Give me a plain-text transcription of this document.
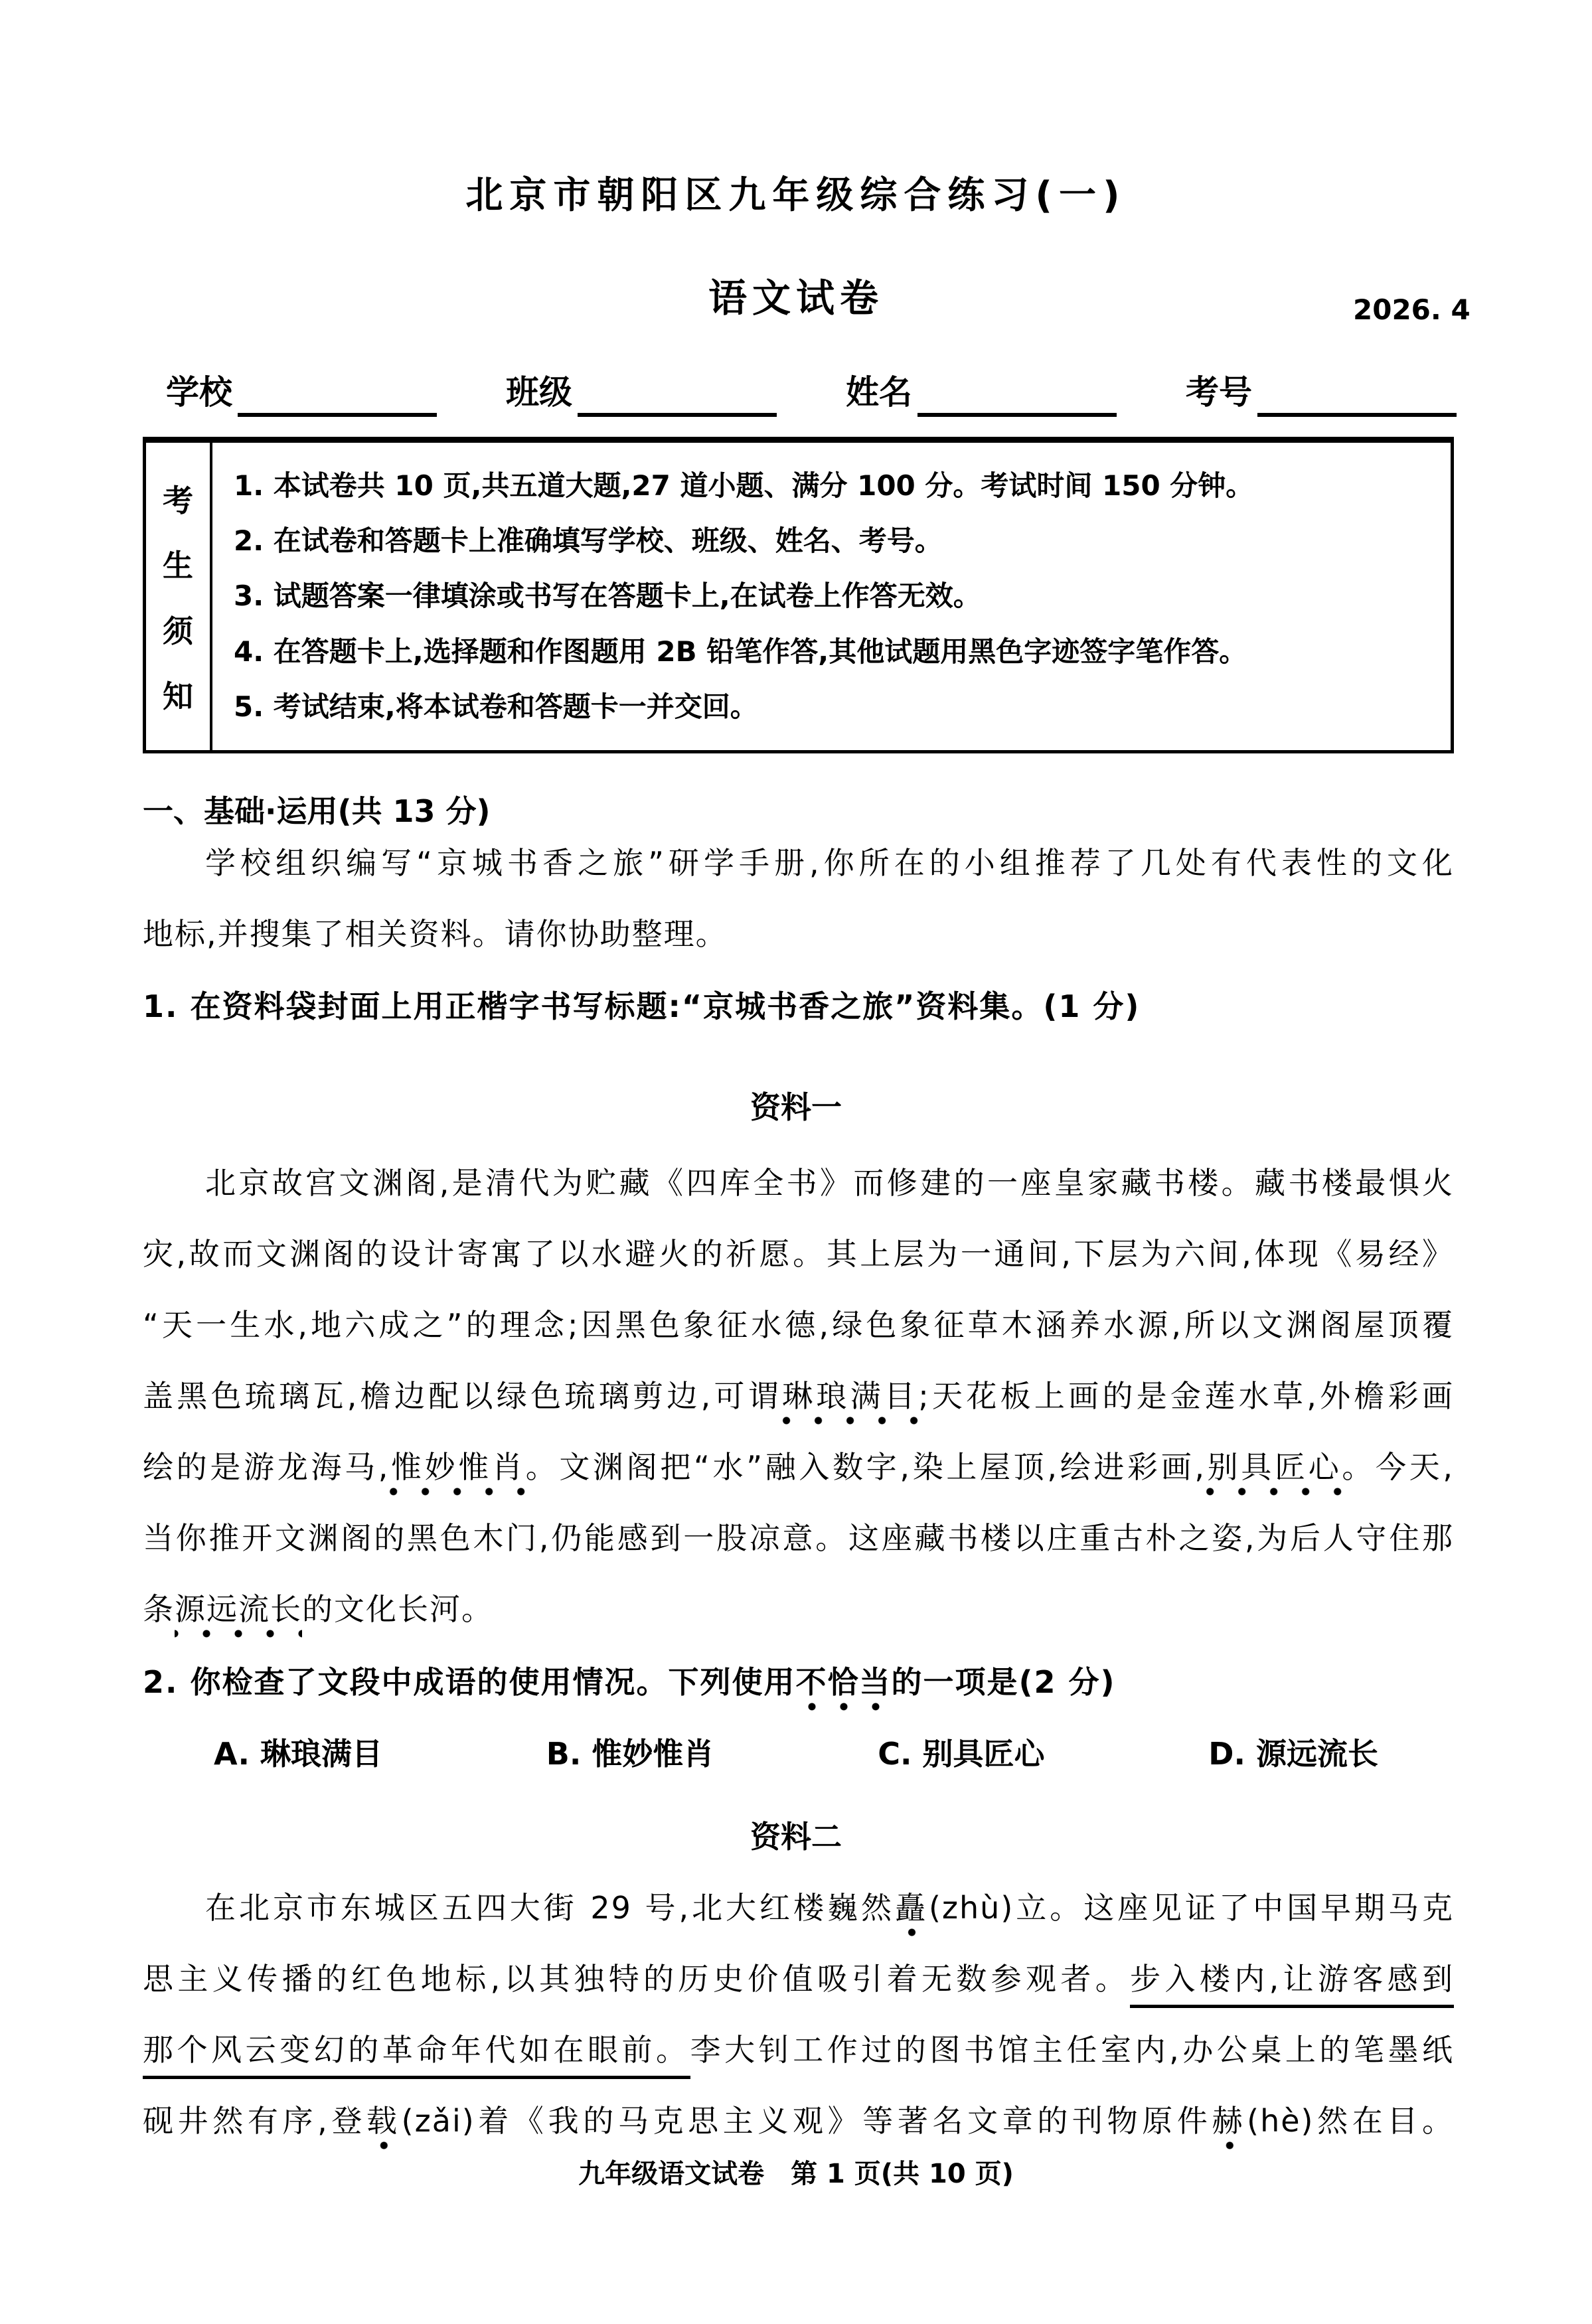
北京市朝阳区九年级综合练习(一)
语文试卷	2026. 4
学校	班级	姓名	考号
考
生
须
知
1. 本试卷共 10 页,共五道大题,27 道小题、满分 100 分。考试时间 150 分钟。
2. 在试卷和答题卡上准确填写学校、班级、姓名、考号。
3. 试题答案一律填涂或书写在答题卡上,在试卷上作答无效。
4. 在答题卡上,选择题和作图题用 2B 铅笔作答,其他试题用黑色字迹签字笔作答。
5. 考试结束,将本试卷和答题卡一并交回。
一、基础·运用(共 13 分)
学校组织编写“京城书香之旅”研学手册,你所在的小组推荐了几处有代表性的文化
地标,并搜集了相关资料。请你协助整理。
1. 在资料袋封面上用正楷字书写标题:“京城书香之旅”资料集。(1 分)
资料一
北京故宫文渊阁,是清代为贮藏《四库全书》而修建的一座皇家藏书楼。藏书楼最惧火
灾,故而文渊阁的设计寄寓了以水避火的祈愿。其上层为一通间,下层为六间,体现《易经》
“天一生水,地六成之”的理念;因黑色象征水德,绿色象征草木涵养水源,所以文渊阁屋顶覆
盖黑色琉璃瓦,檐边配以绿色琉璃剪边,可谓琳琅满目;天花板上画的是金莲水草,外檐彩画
绘的是游龙海马,惟妙惟肖。文渊阁把“水”融入数字,染上屋顶,绘进彩画,别具匠心。今天,
当你推开文渊阁的黑色木门,仍能感到一股凉意。这座藏书楼以庄重古朴之姿,为后人守住那
条源远流长的文化长河。
2. 你检查了文段中成语的使用情况。下列使用不恰当的一项是(2 分)
A. 琳琅满目	B. 惟妙惟肖	C. 别具匠心	D. 源远流长
资料二
在北京市东城区五四大街 29 号,北大红楼巍然矗(zhù)立。这座见证了中国早期马克
思主义传播的红色地标,以其独特的历史价值吸引着无数参观者。步入楼内,让游客感到
那个风云变幻的革命年代如在眼前。李大钊工作过的图书馆主任室内,办公桌上的笔墨纸
砚井然有序,登载(zǎi)着《我的马克思主义观》等著名文章的刊物原件赫(hè)然在目。
九年级语文试卷　第 1 页(共 10 页)
